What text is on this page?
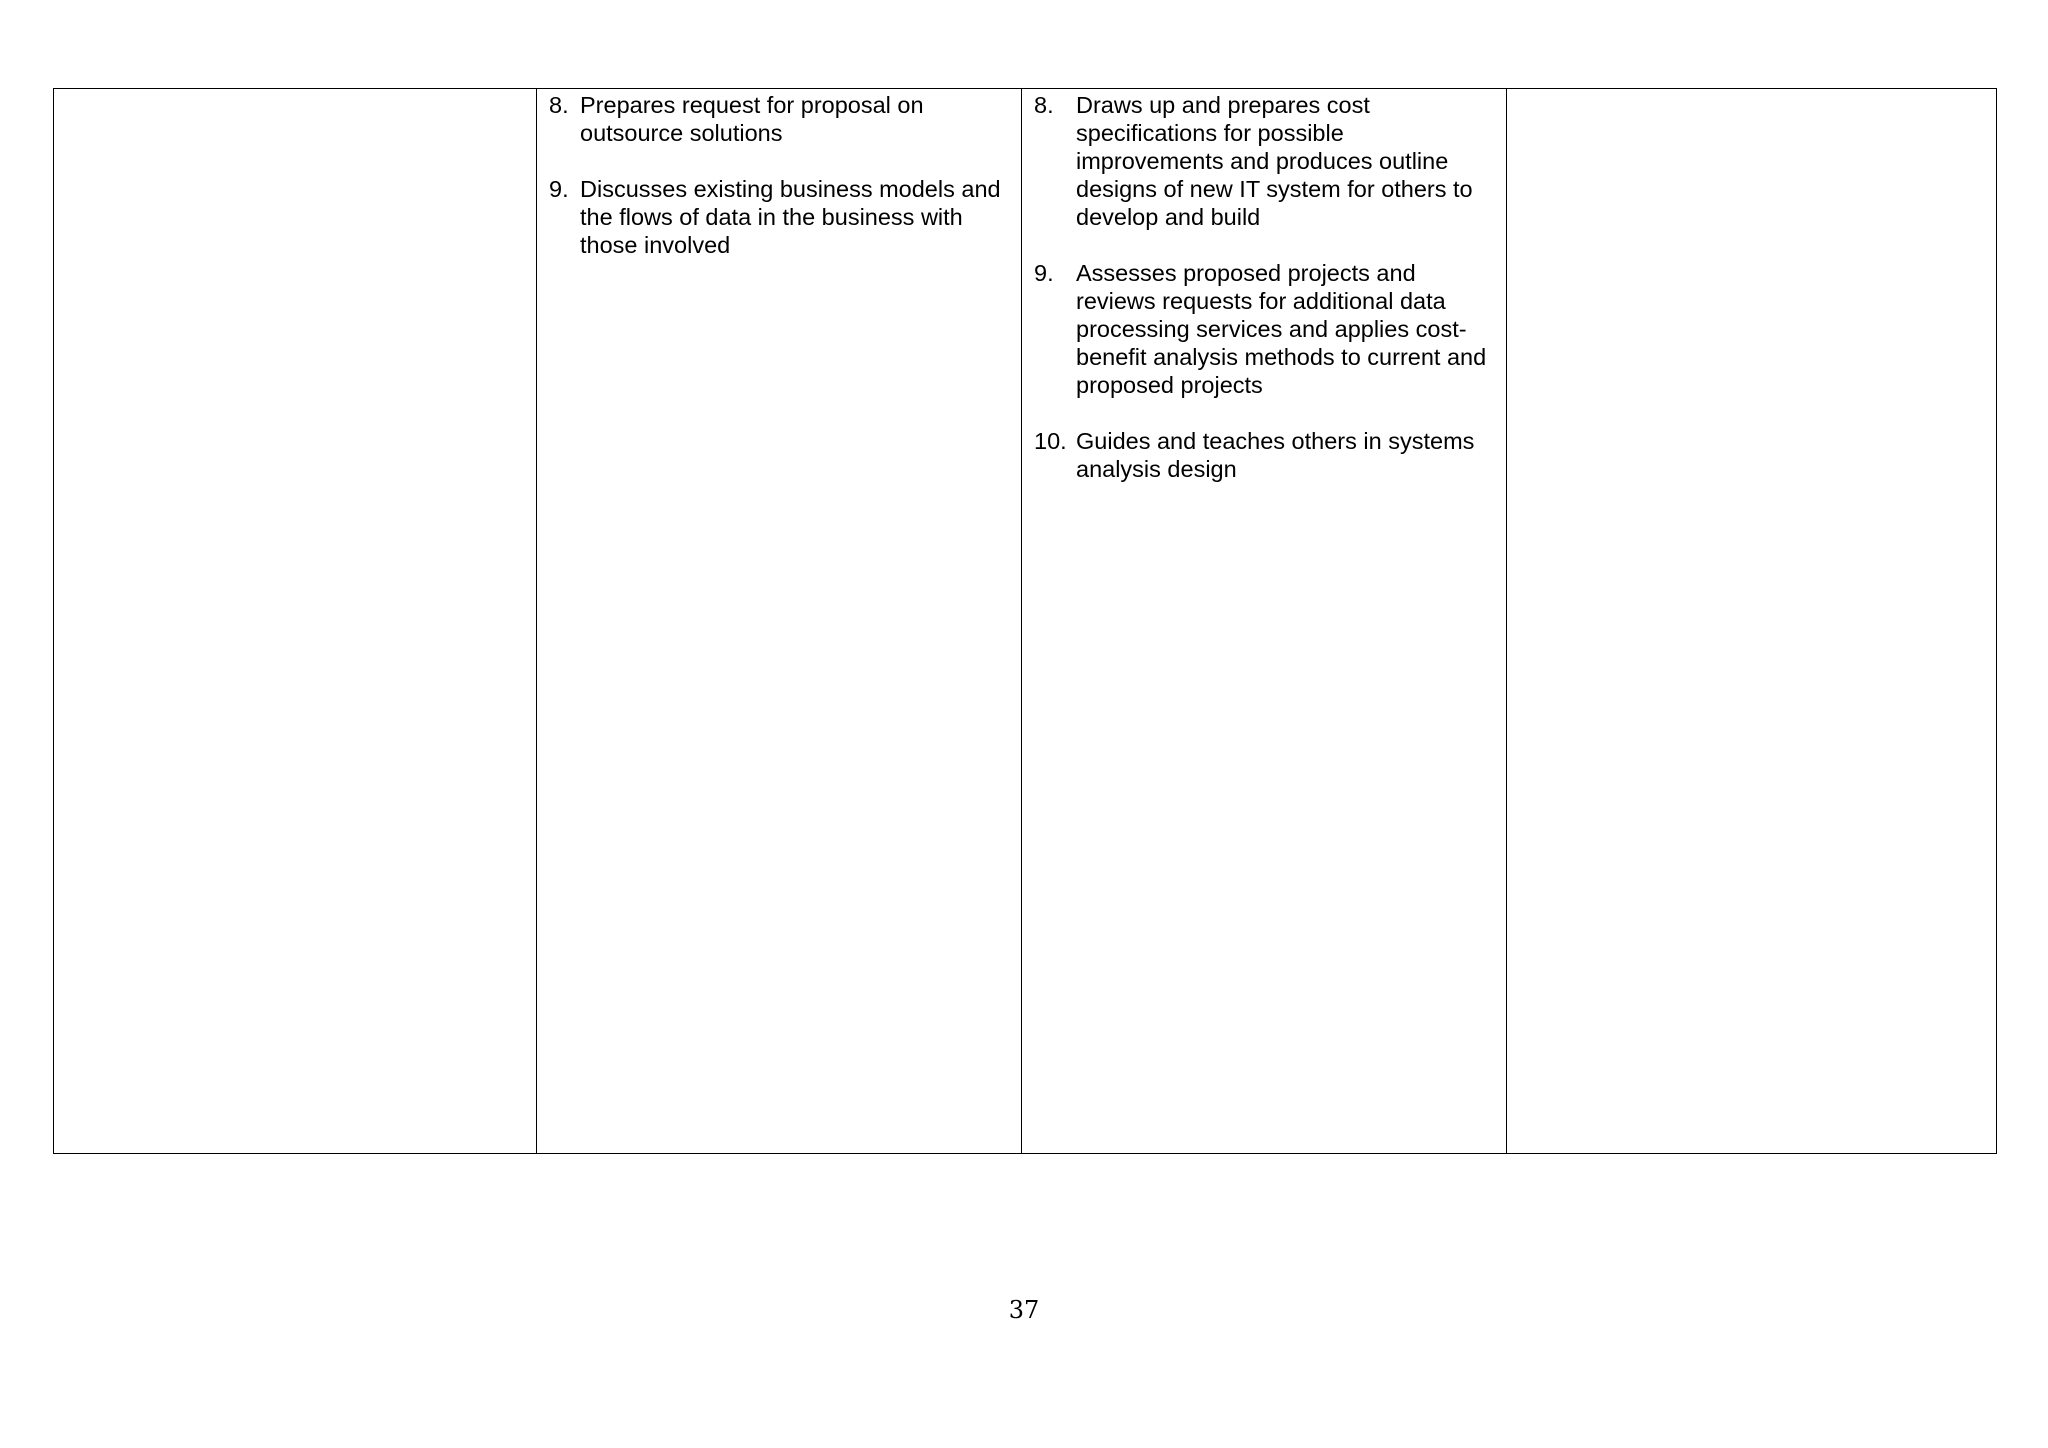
8. Prepares request for proposal on outsource solutions
9. Discusses existing business models and the flows of data in the business with those involved
8. Draws up and prepares cost specifications for possible improvements and produces outline designs of new IT system for others to develop and build
9. Assesses proposed projects and reviews requests for additional data processing services and applies cost-benefit analysis methods to current and proposed projects
10. Guides and teaches others in systems analysis design
37
